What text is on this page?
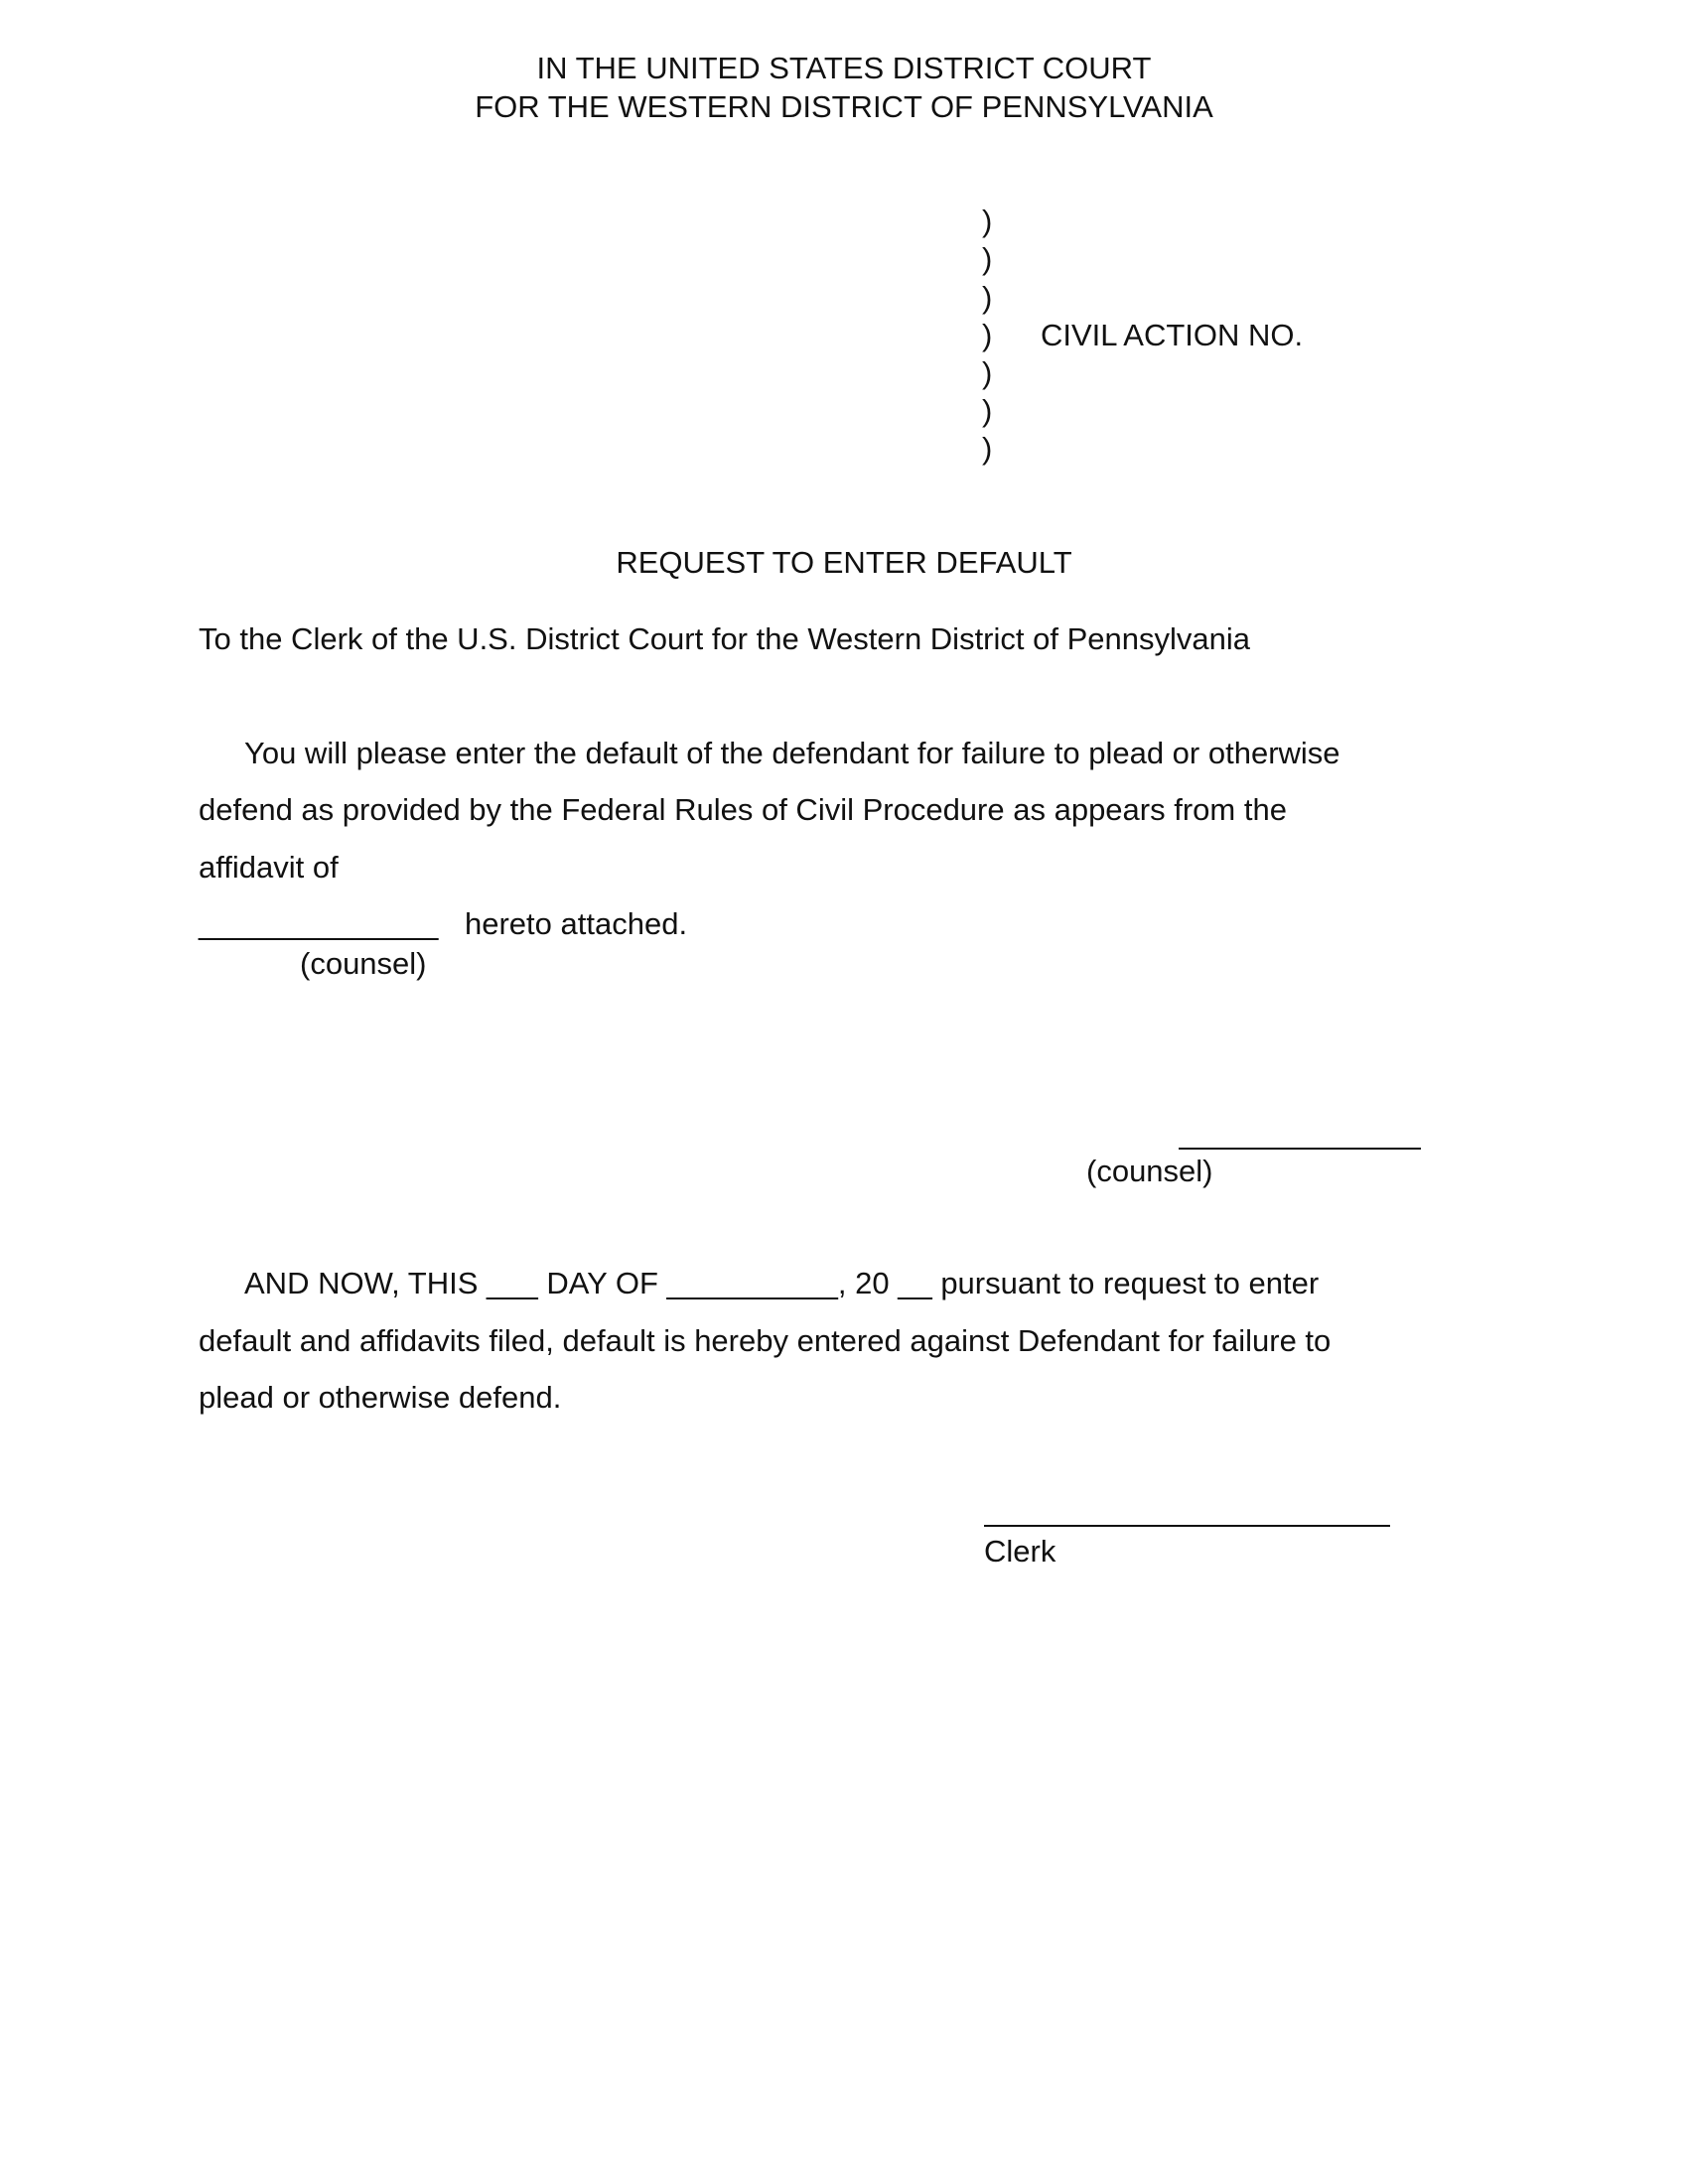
IN THE UNITED STATES DISTRICT COURT
FOR THE WESTERN DISTRICT OF PENNSYLVANIA
)
)
)
)
)
)
)
CIVIL ACTION NO.
REQUEST TO ENTER DEFAULT
To the Clerk of the U.S. District Court for the Western District of Pennsylvania
You will please enter the default of the defendant for failure to plead or otherwise
defend as provided by the Federal Rules of Civil Procedure as appears from the
affidavit of
______________ hereto attached.
(counsel)
(counsel)
AND NOW, THIS ___ DAY OF __________, 20 __ pursuant to request to enter
default and affidavits filed, default is hereby entered against Defendant for failure to
plead or otherwise defend.
Clerk
